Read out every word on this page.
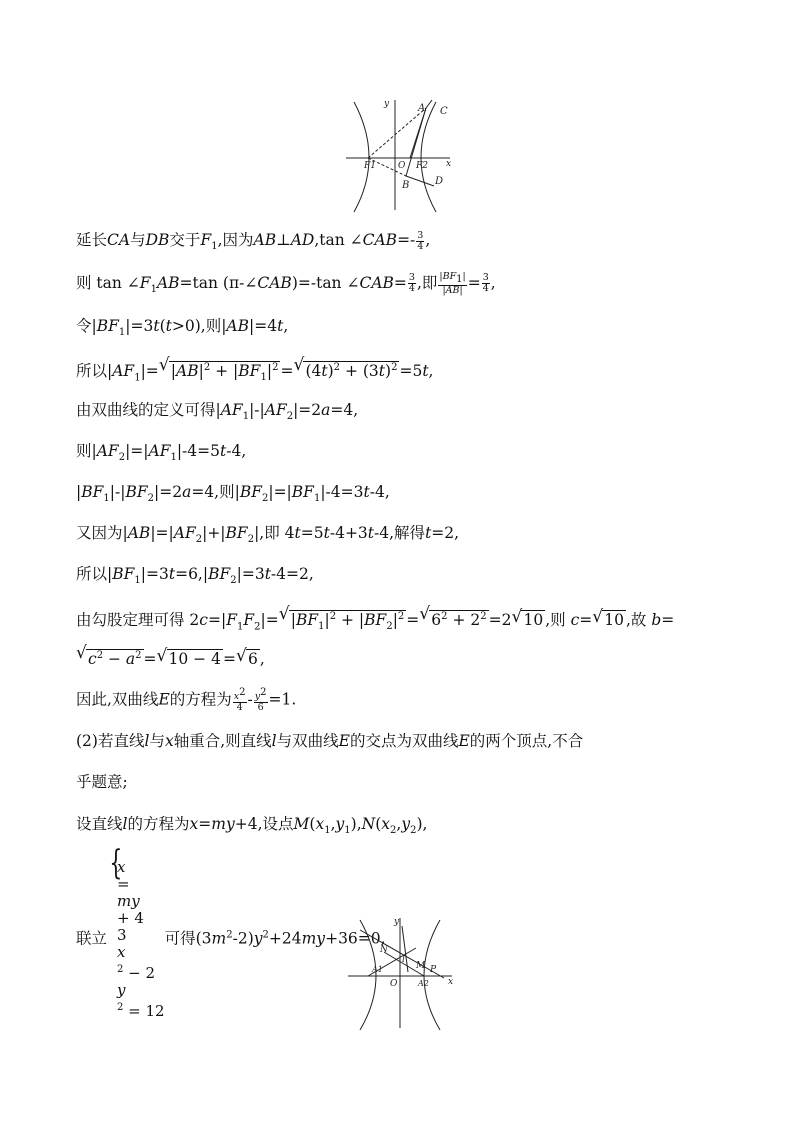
y	A C
F1 O F2 x
B	D
延长CA与DB交于$F_1$,因为AB⊥AD,tan ∠CAB=- $\frac{3}{4}$ ,
则 $\tan \angle F_1AB=\tan$ (π-∠CAB)=-tan ∠CAB= $\frac{3}{4}$ ,即 $\frac{|BF_1|}{|AB|} = \frac{3}{4}$ ,
令$|BF_1|=3t(t>0)$,则|AB|=4t,
所以$|AF_1|=√$ $|AB|^2 + |BF_1|^2$ =√ $(4t)^2 + (3t)^2 =5t$,
由双曲线的定义可得$|AF_1|-|AF_2|=2a=4$,
则$|AF_2|=|AF_1|-4=5t-4$,
$|BF_1|-|BF_2|=2a=4$,则$|BF_2|=|BF_1|-4=3t-4$,
又因为$|AB|=|AF_2|+|BF_2|$,即 4t=5t-4+3t-4,解得t=2,
所以$|BF_1|=3t=6,|BF_2|=3t-4=2$,
由勾股定理可得 $2c=|F_1F_2|=√$ $|BF_1|^2 + |BF_2|^2$ =√ $6^2 + 2^2 =2√$ 10 ,则 c=√ 10 ,故 b=
√ $c^2 - a^2$ =√ 10 − 4 =√ 6 ,
因此,双曲线E的方程为 $\frac{x^2}{4} - \frac{y^2}{6} =1$.
(2)若直线l与x轴重合,则直线l与双曲线E的交点为双曲线E的两个顶点,不合
乎题意;
设直线l的方程为x=my+4,设点$M(x_1,y_1),N(x_2,y_2)$,
联立
{ x
=
my
+ 4
3
x
$^2$ − 2
y
$^2$ = 12
可得$(3m^2-2)y^2+24my+36=0$,
y
N
l
M P
A1
O	A2 x
